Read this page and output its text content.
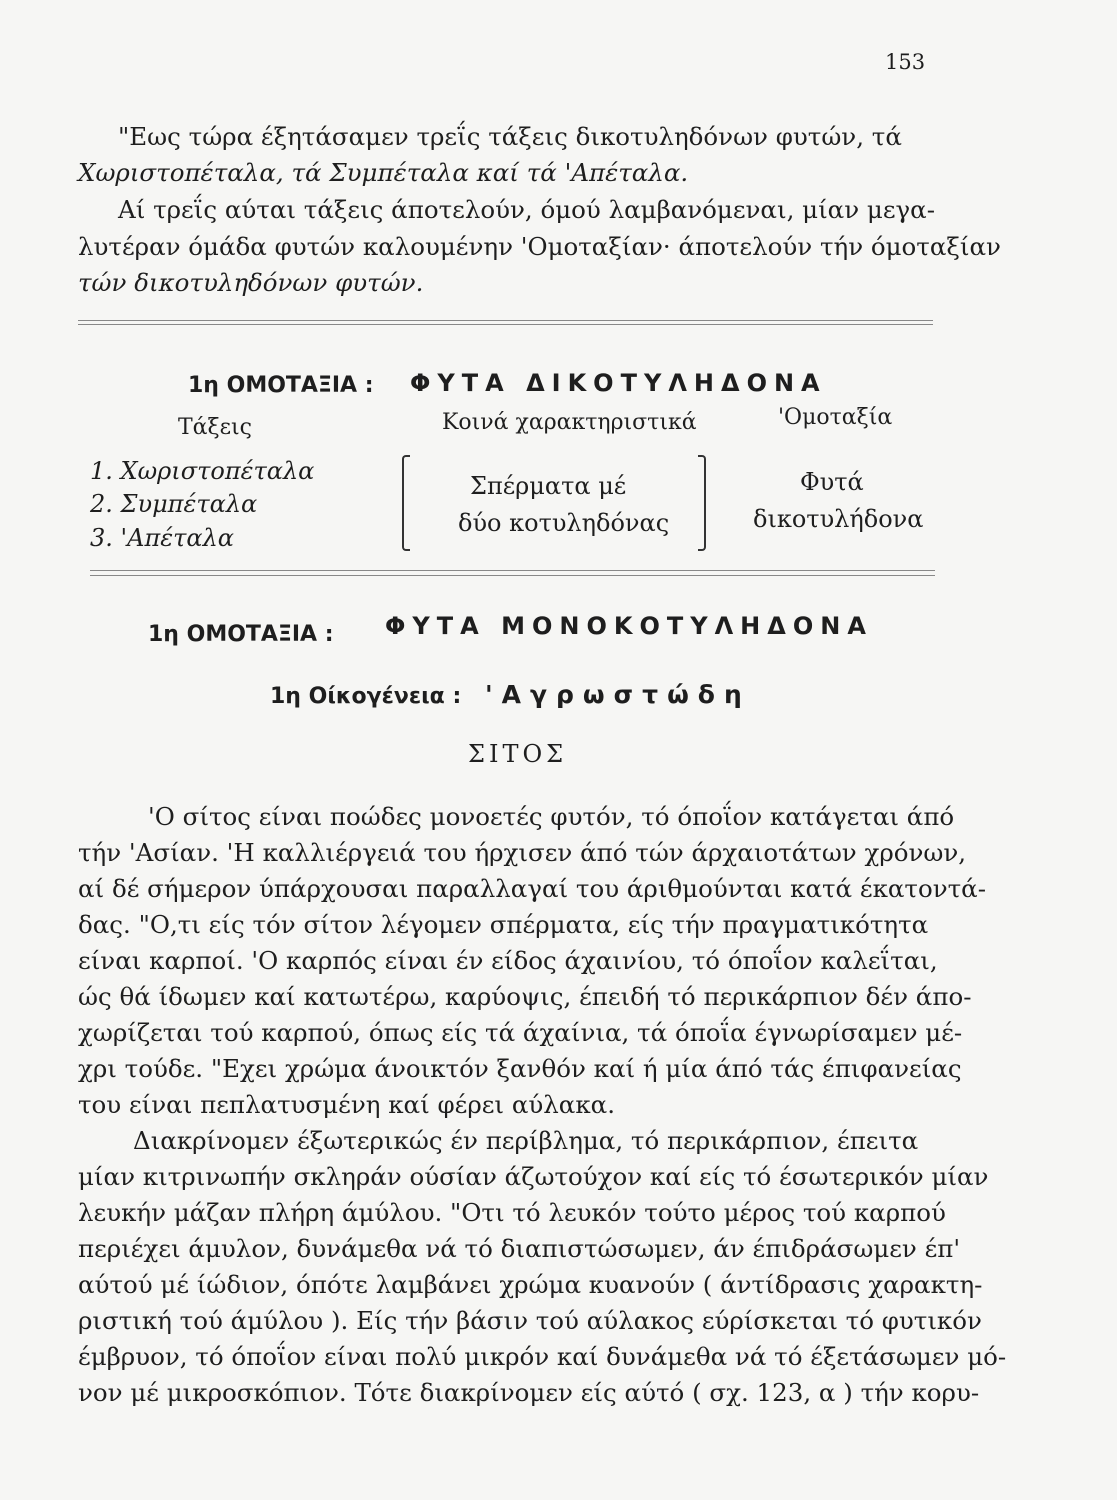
153
"Εως τώρα έξητάσαμεν τρεΐς τάξεις δικοτυληδόνων φυτών, τά
Χωριστοπέταλα, τά Συμπέταλα καί τά 'Απέταλα.
Αί τρεΐς αύται τάξεις άποτελούν, όμού λαμβανόμεναι, μίαν μεγα-
λυτέραν όμάδα φυτών καλουμένην 'Ομοταξίαν· άποτελούν τήν όμοταξίαν
τών δικοτυληδόνων φυτών.
1η ΟΜΟΤΑΞΙΑ : ΦΥΤΑ ΔΙΚΟΤΥΛΗΔΟΝΑ
Τάξεις	Κοινά χαρακτηριστικά	'Ομοταξία
1. Χωριστοπέταλα
2. Συμπέταλα
3. 'Απέταλα
Σπέρματα μέ
δύο κοτυληδόνας
Φυτά
δικοτυλήδονα
1η ΟΜΟΤΑΞΙΑ : ΦΥΤΑ ΜΟΝΟΚΟΤΥΛΗΔΟΝΑ
1η Οίκογένεια : 'Αγρωστώδη
ΣΙΤΟΣ
'Ο σίτος είναι ποώδες μονοετές φυτόν, τό όποΐον κατάγεται άπό
τήν 'Ασίαν. 'Η καλλιέργειά του ήρχισεν άπό τών άρχαιοτάτων χρόνων,
αί δέ σήμερον ύπάρχουσαι παραλλαγαί του άριθμούνται κατά έκατοντά-
δας. "Ο,τι είς τόν σίτον λέγομεν σπέρματα, είς τήν πραγματικότητα
είναι καρποί. 'Ο καρπός είναι έν είδος άχαινίου, τό όποΐον καλεΐται,
ώς θά ίδωμεν καί κατωτέρω, καρύοψις, έπειδή τό περικάρπιον δέν άπο-
χωρίζεται τού καρπού, όπως είς τά άχαίνια, τά όποΐα έγνωρίσαμεν μέ-
χρι τούδε. "Εχει χρώμα άνοικτόν ξανθόν καί ή μία άπό τάς έπιφανείας
του είναι πεπλατυσμένη καί φέρει αύλακα.
Διακρίνομεν έξωτερικώς έν περίβλημα, τό περικάρπιον, έπειτα
μίαν κιτρινωπήν σκληράν ούσίαν άζωτούχον καί είς τό έσωτερικόν μίαν
λευκήν μάζαν πλήρη άμύλου. "Οτι τό λευκόν τούτο μέρος τού καρπού
περιέχει άμυλον, δυνάμεθα νά τό διαπιστώσωμεν, άν έπιδράσωμεν έπ'
αύτού μέ ίώδιον, όπότε λαμβάνει χρώμα κυανούν ( άντίδρασις χαρακτη-
ριστική τού άμύλου ). Είς τήν βάσιν τού αύλακος εύρίσκεται τό φυτικόν
έμβρυον, τό όποΐον είναι πολύ μικρόν καί δυνάμεθα νά τό έξετάσωμεν μό-
νον μέ μικροσκόπιον. Τότε διακρίνομεν είς αύτό ( σχ. 123, α ) τήν κορυ-
